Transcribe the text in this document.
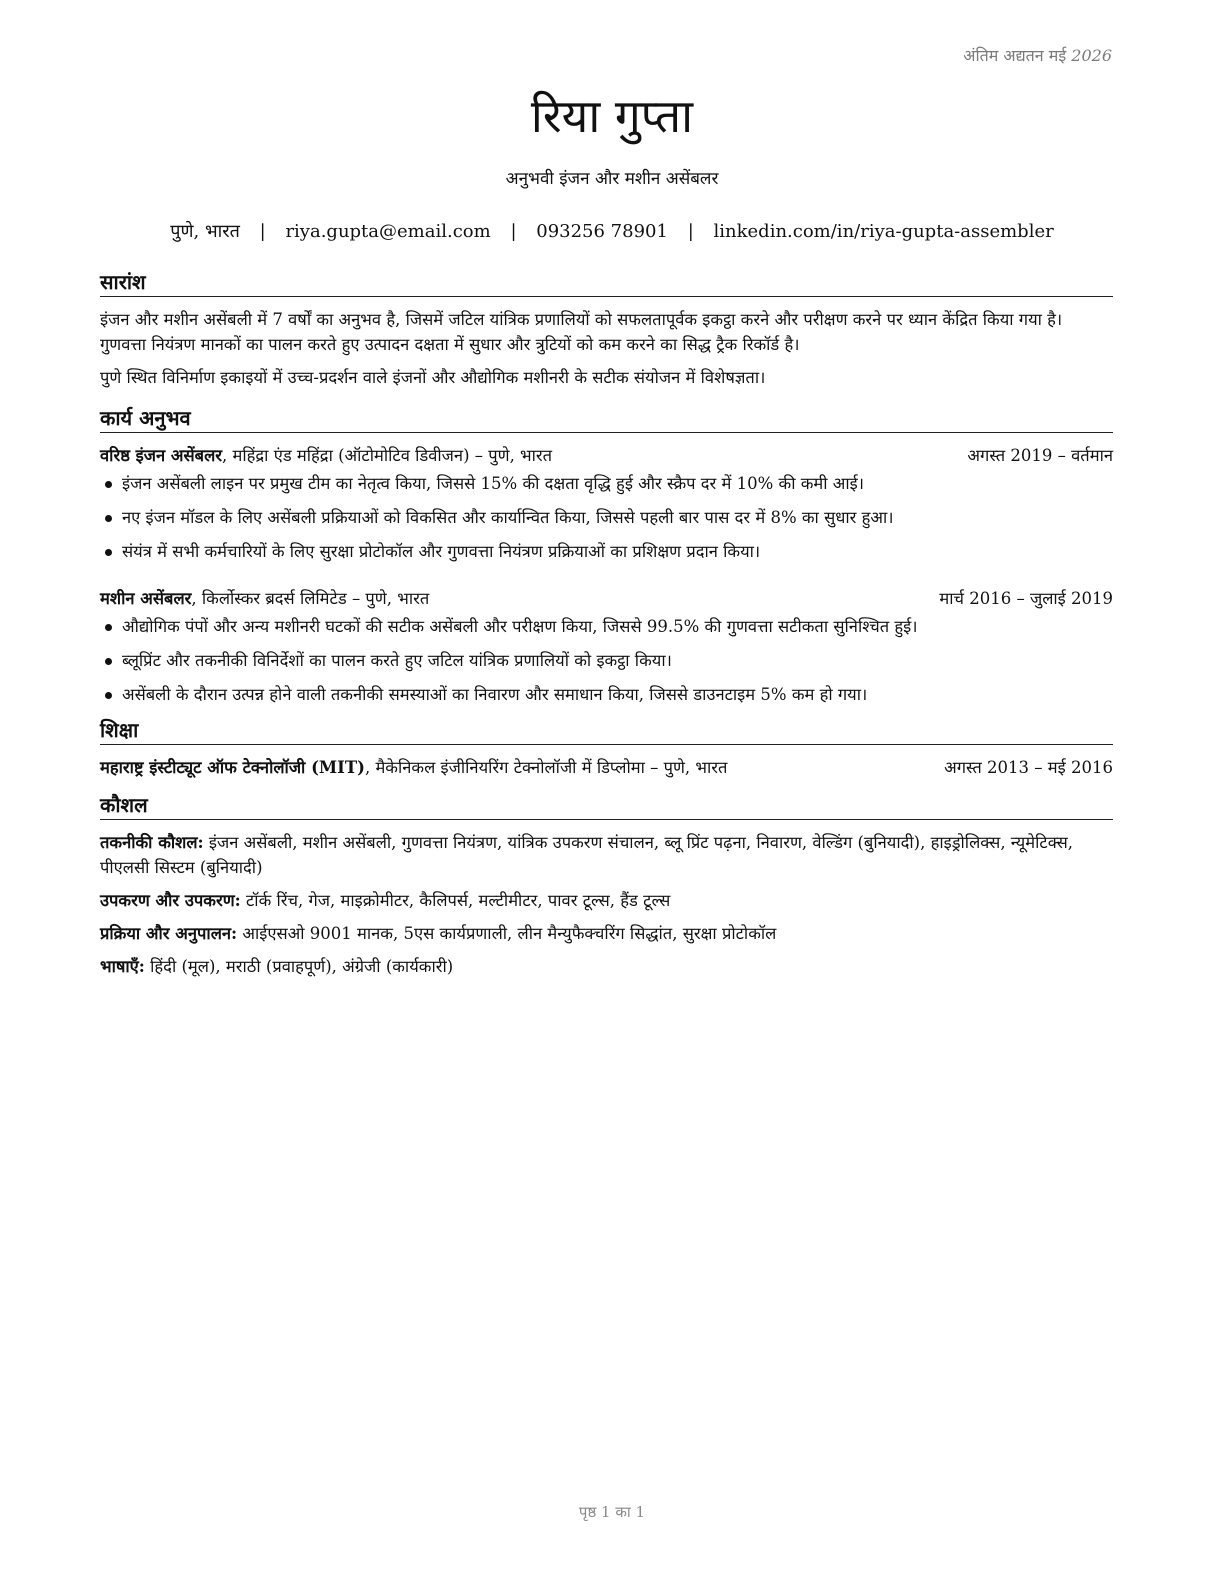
अंतिम अद्यतन मई 2026
रिया गुप्ता
अनुभवी इंजन और मशीन असेंबलर
पुणे, भारत | riya.gupta@email.com | 093256 78901 | linkedin.com/in/riya-gupta-assembler
सारांश

इंजन और मशीन असेंबली में 7 वर्षों का अनुभव है, जिसमें जटिल यांत्रिक प्रणालियों को सफलतापूर्वक इकट्ठा करने और परीक्षण करने पर ध्यान केंद्रित किया गया है। गुणवत्ता नियंत्रण मानकों का पालन करते हुए उत्पादन दक्षता में सुधार और त्रुटियों को कम करने का सिद्ध ट्रैक रिकॉर्ड है।

पुणे स्थित विनिर्माण इकाइयों में उच्च-प्रदर्शन वाले इंजनों और औद्योगिक मशीनरी के सटीक संयोजन में विशेषज्ञता।

कार्य अनुभव
वरिष्ठ इंजन असेंबलर, महिंद्रा एंड महिंद्रा (ऑटोमोटिव डिवीजन) – पुणे, भारत	अगस्त 2019 – वर्तमान
इंजन असेंबली लाइन पर प्रमुख टीम का नेतृत्व किया, जिससे 15% की दक्षता वृद्धि हुई और स्क्रैप दर में 10% की कमी आई।
नए इंजन मॉडल के लिए असेंबली प्रक्रियाओं को विकसित और कार्यान्वित किया, जिससे पहली बार पास दर में 8% का सुधार हुआ।
संयंत्र में सभी कर्मचारियों के लिए सुरक्षा प्रोटोकॉल और गुणवत्ता नियंत्रण प्रक्रियाओं का प्रशिक्षण प्रदान किया।
मशीन असेंबलर, किर्लोस्कर ब्रदर्स लिमिटेड – पुणे, भारत	मार्च 2016 – जुलाई 2019
औद्योगिक पंपों और अन्य मशीनरी घटकों की सटीक असेंबली और परीक्षण किया, जिससे 99.5% की गुणवत्ता सटीकता सुनिश्चित हुई।
ब्लूप्रिंट और तकनीकी विनिर्देशों का पालन करते हुए जटिल यांत्रिक प्रणालियों को इकट्ठा किया।
असेंबली के दौरान उत्पन्न होने वाली तकनीकी समस्याओं का निवारण और समाधान किया, जिससे डाउनटाइम 5% कम हो गया।
शिक्षा
महाराष्ट्र इंस्टीट्यूट ऑफ टेक्नोलॉजी (MIT), मैकेनिकल इंजीनियरिंग टेक्नोलॉजी में डिप्लोमा – पुणे, भारत	अगस्त 2013 – मई 2016
कौशल

तकनीकी कौशल: इंजन असेंबली, मशीन असेंबली, गुणवत्ता नियंत्रण, यांत्रिक उपकरण संचालन, ब्लू प्रिंट पढ़ना, निवारण, वेल्डिंग (बुनियादी), हाइड्रोलिक्स, न्यूमेटिक्स, पीएलसी सिस्टम (बुनियादी)

उपकरण और उपकरण: टॉर्क रिंच, गेज, माइक्रोमीटर, कैलिपर्स, मल्टीमीटर, पावर टूल्स, हैंड टूल्स

प्रक्रिया और अनुपालन: आईएसओ 9001 मानक, 5एस कार्यप्रणाली, लीन मैन्युफैक्चरिंग सिद्धांत, सुरक्षा प्रोटोकॉल

भाषाएँ: हिंदी (मूल), मराठी (प्रवाहपूर्ण), अंग्रेजी (कार्यकारी)

पृष्ठ 1 का 1
